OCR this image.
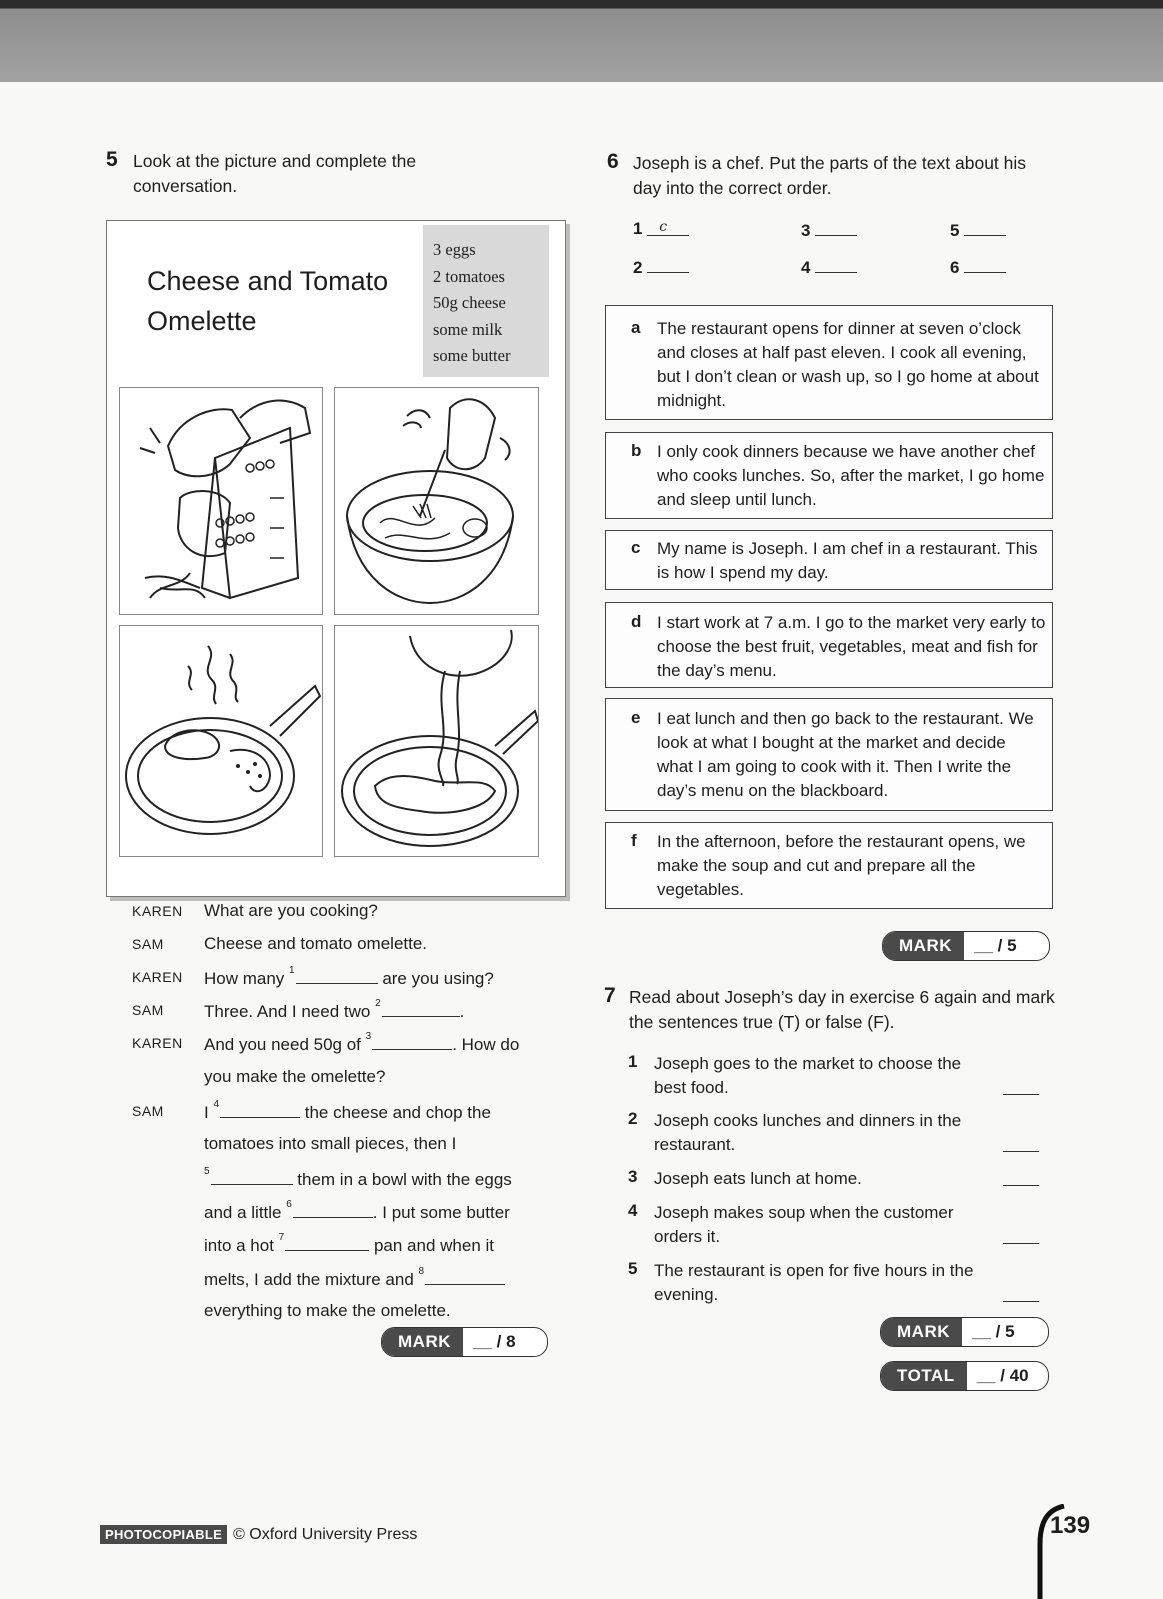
5 Look at the picture and complete the conversation.
Cheese and Tomato Omelette
3 eggs
2 tomatoes
50g cheese
some milk
some butter
KAREN What are you cooking?
SAM Cheese and tomato omelette.
KAREN How many $^1$	are you using?
SAM Three. And I need two $^2$	.
KAREN And you need 50g of $^3$	. How do
you make the omelette?
SAM I $^4$	the cheese and chop the
tomatoes into small pieces, then I
$^5$	them in a bowl with the eggs
and a little $^6$	. I put some butter
into a hot $^7$	pan and when it
melts, I add the mixture and $^8$
everything to make the omelette.
MARK	__ / 8
6 Joseph is a chef. Put the parts of the text about his day into the correct order.
1 c
2
3
4
5
6
a The restaurant opens for dinner at seven o’clock and closes at half past eleven. I cook all evening, but I don’t clean or wash up, so I go home at about midnight.
b I only cook dinners because we have another chef who cooks lunches. So, after the market, I go home and sleep until lunch.
c My name is Joseph. I am chef in a restaurant. This is how I spend my day.
d I start work at 7 a.m. I go to the market very early to choose the best fruit, vegetables, meat and fish for the day’s menu.
e I eat lunch and then go back to the restaurant. We look at what I bought at the market and decide what I am going to cook with it. Then I write the day’s menu on the blackboard.
f In the afternoon, before the restaurant opens, we make the soup and cut and prepare all the vegetables.
MARK	__ / 5
7 Read about Joseph’s day in exercise 6 again and mark the sentences true (T) or false (F).
1 Joseph goes to the market to choose the best food.
2 Joseph cooks lunches and dinners in the restaurant.
3 Joseph eats lunch at home.
4 Joseph makes soup when the customer orders it.
5 The restaurant is open for five hours in the evening.
MARK	__ / 5
TOTAL	__ / 40
PHOTOCOPIABLE © Oxford University Press	139
